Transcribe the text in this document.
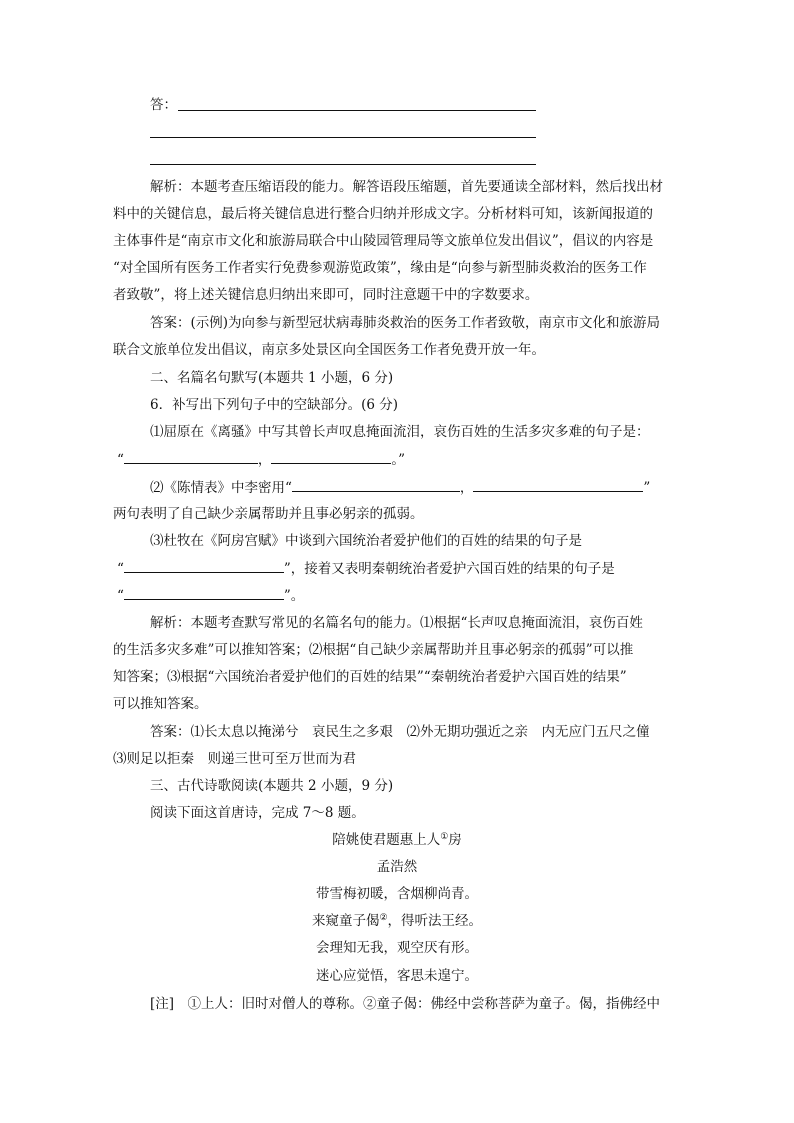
答：
解析：本题考查压缩语段的能力。解答语段压缩题，首先要通读全部材料，然后找出材
料中的关键信息，最后将关键信息进行整合归纳并形成文字。分析材料可知，该新闻报道的
主体事件是“南京市文化和旅游局联合中山陵园管理局等文旅单位发出倡议”，倡议的内容是
“对全国所有医务工作者实行免费参观游览政策”，缘由是“向参与新型肺炎救治的医务工作
者致敬”，将上述关键信息归纳出来即可，同时注意题干中的字数要求。
答案：(示例)为向参与新型冠状病毒肺炎救治的医务工作者致敬，南京市文化和旅游局
联合文旅单位发出倡议，南京多处景区向全国医务工作者免费开放一年。
二、名篇名句默写(本题共 1 小题，6 分)
6．补写出下列句子中的空缺部分。(6 分)
⑴屈原在《离骚》中写其曾长声叹息掩面流泪，哀伤百姓的生活多灾多难的句子是：
“	，	。”
⑵《陈情表》中李密用“	，	”
两句表明了自己缺少亲属帮助并且事必躬亲的孤弱。
⑶杜牧在《阿房宫赋》中谈到六国统治者爱护他们的百姓的结果的句子是
“	”，接着又表明秦朝统治者爱护六国百姓的结果的句子是
“	”。
解析：本题考查默写常见的名篇名句的能力。⑴根据“长声叹息掩面流泪，哀伤百姓
的生活多灾多难”可以推知答案；⑵根据“自己缺少亲属帮助并且事必躬亲的孤弱”可以推
知答案；⑶根据“六国统治者爱护他们的百姓的结果”“秦朝统治者爱护六国百姓的结果”
可以推知答案。
答案：⑴长太息以掩涕兮　哀民生之多艰　⑵外无期功强近之亲　内无应门五尺之僮
⑶则足以拒秦　则递三世可至万世而为君
三、古代诗歌阅读(本题共 2 小题，9 分)
阅读下面这首唐诗，完成 7～8 题。
陪姚使君题惠上人①房
孟浩然
带雪梅初暖，含烟柳尚青。
来窥童子偈②，得听法王经。
会理知无我，观空厌有形。
迷心应觉悟，客思未遑宁。
[注]　①上人：旧时对僧人的尊称。②童子偈：佛经中尝称菩萨为童子。偈，指佛经中
